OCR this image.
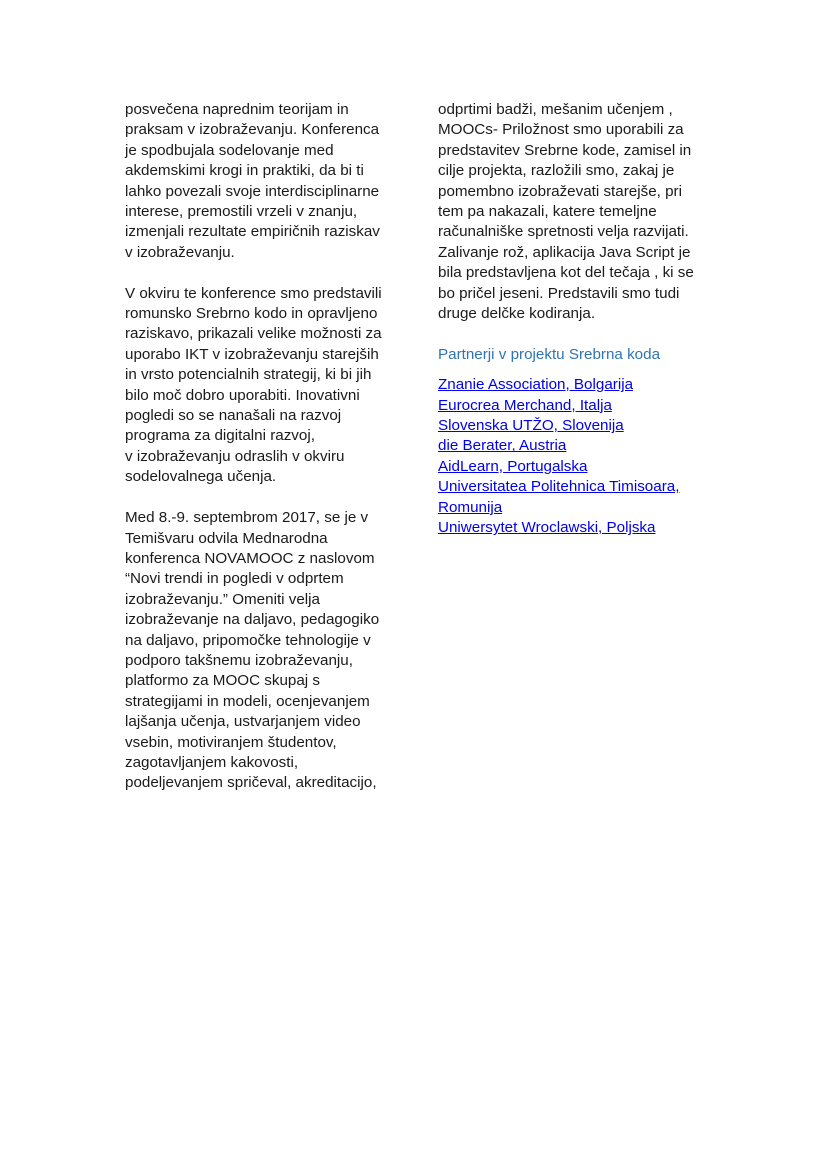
posvečena naprednim teorijam in
praksam v izobraževanju. Konferenca
je spodbujala sodelovanje med
akdemskimi krogi in praktiki, da bi ti
lahko povezali svoje interdisciplinarne
interese, premostili vrzeli v znanju,
izmenjali rezultate empiričnih raziskav
v izobraževanju.
V okviru te konference smo predstavili
romunsko Srebrno kodo in opravljeno
raziskavo, prikazali velike možnosti za
uporabo IKT v izobraževanju starejših
in vrsto potencialnih strategij, ki bi jih
bilo moč dobro uporabiti. Inovativni
pogledi so se nanašali na razvoj
programa za digitalni razvoj,
v izobraževanju odraslih v okviru
sodelovalnega učenja.
Med 8.-9. septembrom 2017, se je v
Temišvaru odvila Mednarodna
konferenca NOVAMOOC z naslovom
“Novi trendi in pogledi v odprtem
izobraževanju.” Omeniti velja
izobraževanje na daljavo, pedagogiko
na daljavo, pripomočke tehnologije v
podporo takšnemu izobraževanju,
platformo za MOOC skupaj s
strategijami in modeli, ocenjevanjem
lajšanja učenja, ustvarjanjem video
vsebin, motiviranjem študentov,
zagotavljanjem kakovosti,
podeljevanjem spričeval, akreditacijo,
odprtimi badži, mešanim učenjem ,
MOOCs- Priložnost smo uporabili za
predstavitev Srebrne kode, zamisel in
cilje projekta, razložili smo, zakaj je
pomembno izobraževati starejše, pri
tem pa nakazali, katere temeljne
računalniške spretnosti velja razvijati.
Zalivanje rož, aplikacija Java Script je
bila predstavljena kot del tečaja , ki se
bo pričel jeseni. Predstavili smo tudi
druge delčke kodiranja.
Partnerji v projektu Srebrna koda
Znanie Association, Bolgarija
Eurocrea Merchand, Italja
Slovenska UTŽO, Slovenija
die Berater, Austria
AidLearn, Portugalska
Universitatea Politehnica Timisoara,
Romunija
Uniwersytet Wroclawski, Poljska
